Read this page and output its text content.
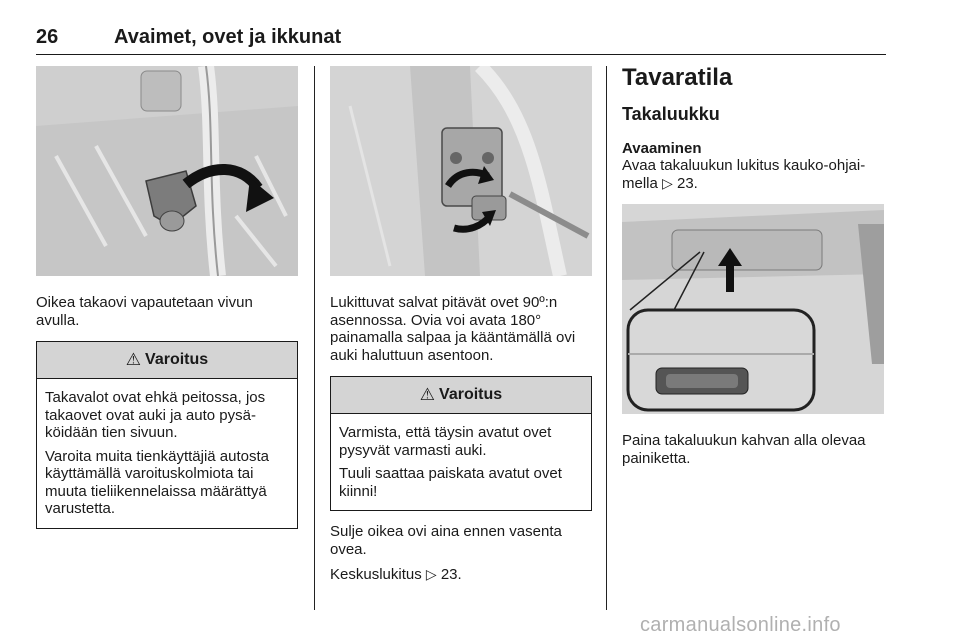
26	Avaimet, ovet ja ikkunat

Oikea takaovi vapautetaan vivun avulla.

⚠ Varoitus

Takavalot ovat ehkä peitossa, jos takaovet ovat auki ja auto pysä-köidään tien sivuun.

Varoita muita tienkäyttäjiä autosta käyttämällä varoituskolmiota tai muuta tieliikennelaissa määrättyä varustetta.

Lukittuvat salvat pitävät ovet 90º:n asennossa. Ovia voi avata 180° painamalla salpaa ja kääntämällä ovi auki haluttuun asentoon.

⚠ Varoitus

Varmista, että täysin avatut ovet pysyvät varmasti auki.

Tuuli saattaa paiskata avatut ovet kiinni!

Sulje oikea ovi aina ennen vasenta ovea.

Keskuslukitus ▷ 23.

Tavaratila
Takaluukku
Avaaminen

Avaa takaluukun lukitus kauko-ohjai-mella ▷ 23.

Paina takaluukun kahvan alla olevaa painiketta.

carmanualsonline.info
